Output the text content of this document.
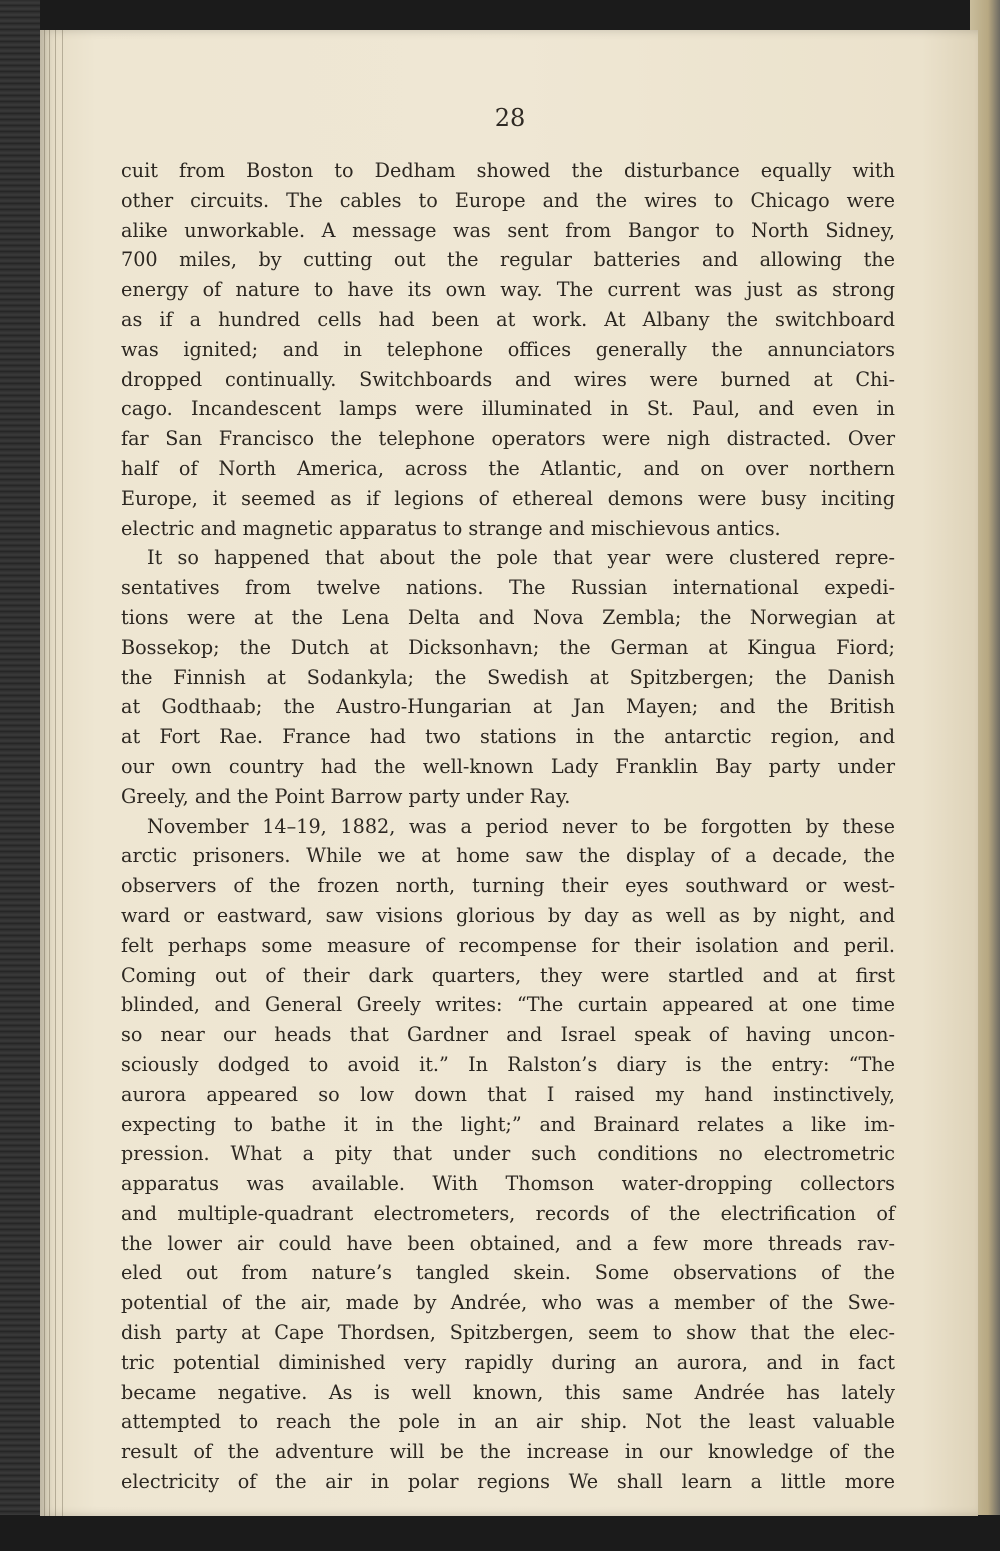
28
cuit from Boston to Dedham showed the disturbance equally with
other circuits. The cables to Europe and the wires to Chicago were
alike unworkable. A message was sent from Bangor to North Sidney,
700 miles, by cutting out the regular batteries and allowing the
energy of nature to have its own way. The current was just as strong
as if a hundred cells had been at work. At Albany the switchboard
was ignited; and in telephone offices generally the annunciators
dropped continually. Switchboards and wires were burned at Chi-
cago. Incandescent lamps were illuminated in St. Paul, and even in
far San Francisco the telephone operators were nigh distracted. Over
half of North America, across the Atlantic, and on over northern
Europe, it seemed as if legions of ethereal demons were busy inciting
electric and magnetic apparatus to strange and mischievous antics.
It so happened that about the pole that year were clustered repre-
sentatives from twelve nations. The Russian international expedi-
tions were at the Lena Delta and Nova Zembla; the Norwegian at
Bossekop; the Dutch at Dicksonhavn; the German at Kingua Fiord;
the Finnish at Sodankyla; the Swedish at Spitzbergen; the Danish
at Godthaab; the Austro-Hungarian at Jan Mayen; and the British
at Fort Rae. France had two stations in the antarctic region, and
our own country had the well-known Lady Franklin Bay party under
Greely, and the Point Barrow party under Ray.
November 14–19, 1882, was a period never to be forgotten by these
arctic prisoners. While we at home saw the display of a decade, the
observers of the frozen north, turning their eyes southward or west-
ward or eastward, saw visions glorious by day as well as by night, and
felt perhaps some measure of recompense for their isolation and peril.
Coming out of their dark quarters, they were startled and at first
blinded, and General Greely writes: “The curtain appeared at one time
so near our heads that Gardner and Israel speak of having uncon-
sciously dodged to avoid it.” In Ralston’s diary is the entry: “The
aurora appeared so low down that I raised my hand instinctively,
expecting to bathe it in the light;” and Brainard relates a like im-
pression. What a pity that under such conditions no electrometric
apparatus was available. With Thomson water-dropping collectors
and multiple-quadrant electrometers, records of the electrification of
the lower air could have been obtained, and a few more threads rav-
eled out from nature’s tangled skein. Some observations of the
potential of the air, made by Andrée, who was a member of the Swe-
dish party at Cape Thordsen, Spitzbergen, seem to show that the elec-
tric potential diminished very rapidly during an aurora, and in fact
became negative. As is well known, this same Andrée has lately
attempted to reach the pole in an air ship. Not the least valuable
result of the adventure will be the increase in our knowledge of the
electricity of the air in polar regions We shall learn a little more
